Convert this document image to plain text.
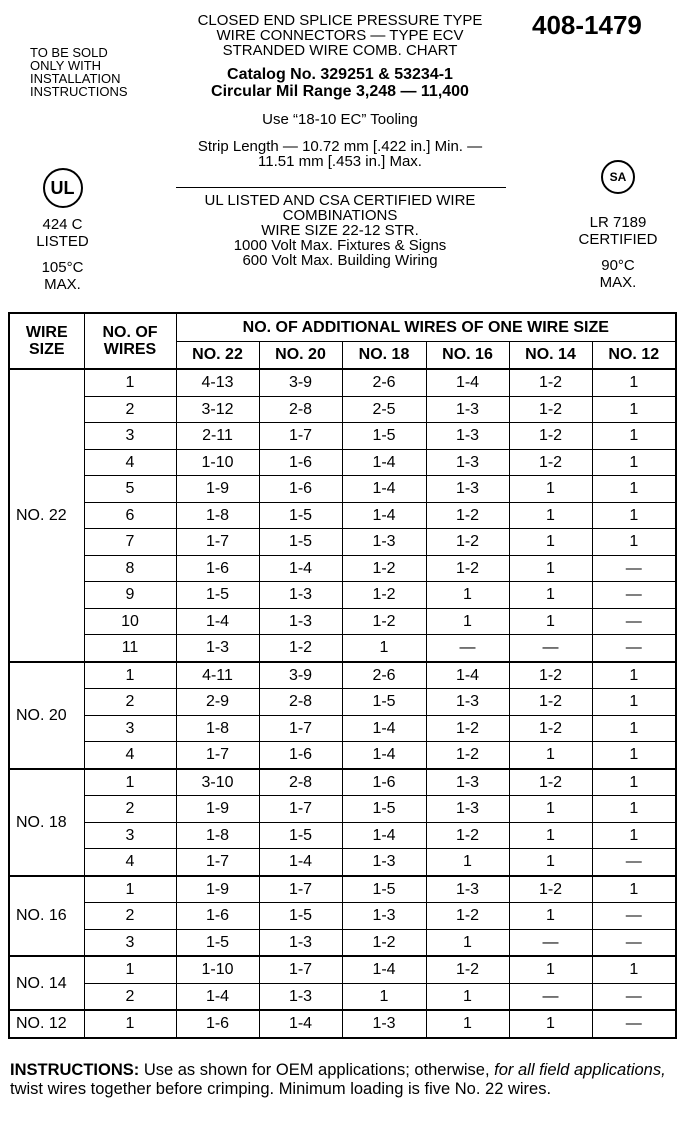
TO BE SOLD
ONLY WITH
INSTALLATION
INSTRUCTIONS
408-1479
CLOSED END SPLICE PRESSURE TYPE
WIRE CONNECTORS — TYPE ECV
STRANDED WIRE COMB. CHART
Catalog No. 329251 & 53234-1
Circular Mil Range 3,248 — 11,400
Use “18-10 EC” Tooling
Strip Length — 10.72 mm [.422 in.] Min. —
11.51 mm [.453 in.] Max.
UL LISTED AND CSA CERTIFIED WIRE
COMBINATIONS
WIRE SIZE 22-12 STR.
1000 Volt Max. Fixtures & Signs
600 Volt Max. Building Wiring
UL
424 C
LISTED
105°C
MAX.
SA
LR 7189
CERTIFIED
90°C
MAX.
WIRE
SIZE	NO. OF
WIRES	NO. OF ADDITIONAL WIRES OF ONE WIRE SIZE					
		NO. 22	NO. 20	NO. 18	NO. 16	NO. 14	NO. 12
NO. 22	1	4-13	3-9	2-6	1-4	1-2	1
	2	3-12	2-8	2-5	1-3	1-2	1
	3	2-11	1-7	1-5	1-3	1-2	1
	4	1-10	1-6	1-4	1-3	1-2	1
	5	1-9	1-6	1-4	1-3	1	1
	6	1-8	1-5	1-4	1-2	1	1
	7	1-7	1-5	1-3	1-2	1	1
	8	1-6	1-4	1-2	1-2	1	—
	9	1-5	1-3	1-2	1	1	—
	10	1-4	1-3	1-2	1	1	—
	11	1-3	1-2	1	—	—	—
NO. 20	1	4-11	3-9	2-6	1-4	1-2	1
	2	2-9	2-8	1-5	1-3	1-2	1
	3	1-8	1-7	1-4	1-2	1-2	1
	4	1-7	1-6	1-4	1-2	1	1
NO. 18	1	3-10	2-8	1-6	1-3	1-2	1
	2	1-9	1-7	1-5	1-3	1	1
	3	1-8	1-5	1-4	1-2	1	1
	4	1-7	1-4	1-3	1	1	—
NO. 16	1	1-9	1-7	1-5	1-3	1-2	1
	2	1-6	1-5	1-3	1-2	1	—
	3	1-5	1-3	1-2	1	—	—
NO. 14	1	1-10	1-7	1-4	1-2	1	1
	2	1-4	1-3	1	1	—	—
NO. 12	1	1-6	1-4	1-3	1	1	—
INSTRUCTIONS: Use as shown for OEM applications; otherwise, for all field applications, twist wires together before crimping. Minimum loading is five No. 22 wires.
